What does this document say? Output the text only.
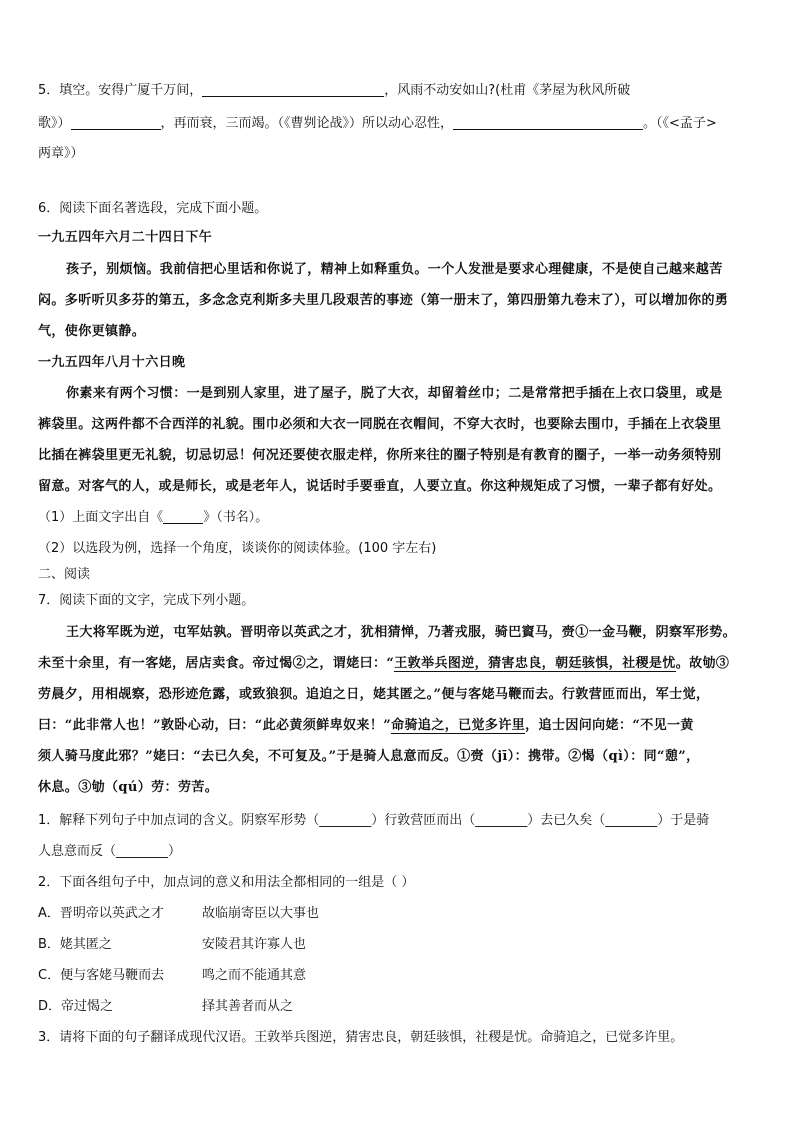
5．填空。安得广厦千万间，	，风雨不动安如山?(杜甫《茅屋为秋风所破
歌》）	，再而衰，三而竭。（《曹刿论战》）所以动心忍性，	。（《<孟子>
两章》）
6．阅读下面名著选段，完成下面小题。
一九五四年六月二十四日下午
孩子，别烦恼。我前信把心里话和你说了，精神上如释重负。一个人发泄是要求心理健康，不是使自己越来越苦
闷。多听听贝多芬的第五，多念念克利斯多夫里几段艰苦的事迹（第一册末了，第四册第九卷末了），可以增加你的勇
气，使你更镇静。
一九五四年八月十六日晚
你素来有两个习惯：一是到别人家里，进了屋子，脱了大衣，却留着丝巾；二是常常把手插在上衣口袋里，或是
裤袋里。这两件都不合西洋的礼貌。围巾必须和大衣一同脱在衣帽间，不穿大衣时，也要除去围巾，手插在上衣袋里
比插在裤袋里更无礼貌，切忌切忌！何况还要使衣服走样，你所来往的圈子特别是有教育的圈子，一举一动务须特别
留意。对客气的人，或是师长，或是老年人，说话时手要垂直，人要立直。你这种规矩成了习惯，一辈子都有好处。
（1）上面文字出自《	》（书名）。
（2）以选段为例，选择一个角度，谈谈你的阅读体验。(100 字左右)
二、阅读
7．阅读下面的文字，完成下列小题。
王大将军既为逆，屯军姑孰。晋明帝以英武之才，犹相猜惮，乃著戎服，骑巴賨马，赍①一金马鞭，阴察军形势。
未至十余里，有一客姥，居店卖食。帝过愒②之，谓姥曰：“王敦举兵图逆，猜害忠良，朝廷骇惧，社稷是忧。故劬③
劳晨夕，用相觇察，恐形迹危露，或致狼狈。追迫之日，姥其匿之。”便与客姥马鞭而去。行敦营匝而出，军士觉，
曰：“此非常人也！”敦卧心动，曰：“此必黄须鲜卑奴来！”命骑追之，已觉多许里，追士因问向姥：“不见一黄
须人骑马度此邪？”姥曰：“去已久矣，不可复及。”于是骑人息意而反。①赍（jī）：携带。②愒（qì）：同“憩”，
休息。③劬（qú）劳：劳苦。
1．解释下列句子中加点词的含义。阴察军形势（________）行敦营匝而出（________）去已久矣（________）于是骑
人息意而反（________）
2．下面各组句子中，加点词的意义和用法全都相同的一组是（ ）
A．晋明帝以英武之才	故临崩寄臣以大事也
B．姥其匿之	安陵君其许寡人也
C．便与客姥马鞭而去	鸣之而不能通其意
D．帝过愒之	择其善者而从之
3．请将下面的句子翻译成现代汉语。王敦举兵图逆，猜害忠良，朝廷骇惧，社稷是忧。命骑追之，已觉多许里。
